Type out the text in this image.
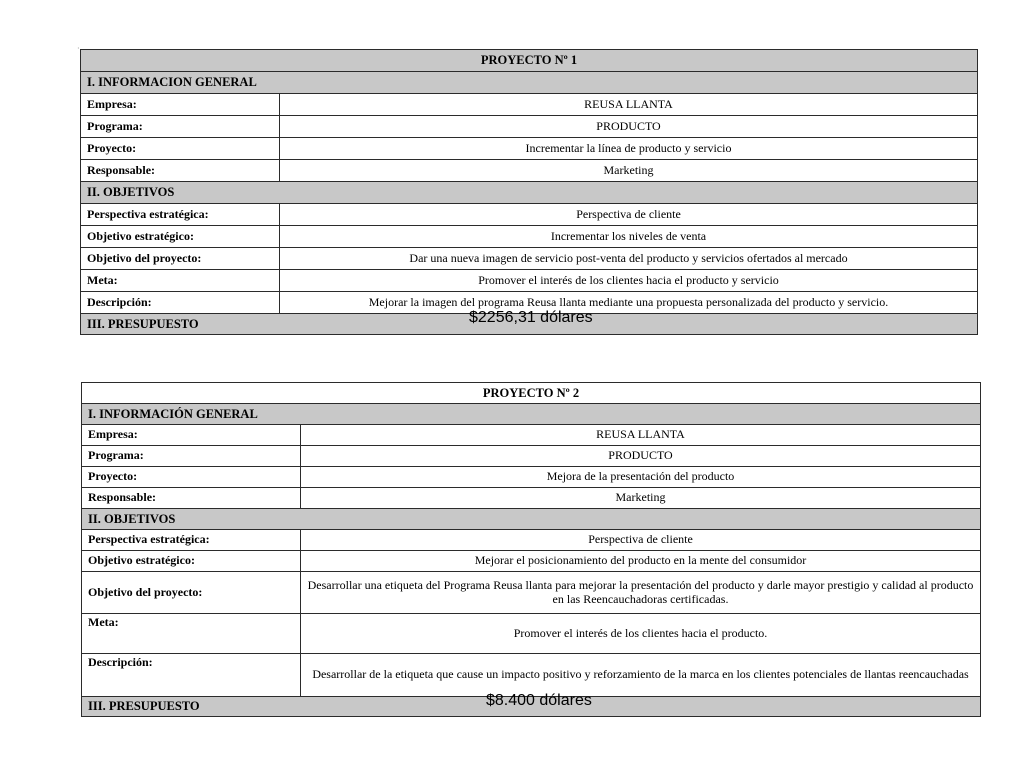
·
PROYECTO Nº 1	
I. INFORMACION GENERAL	
Empresa:	REUSA LLANTA
Programa:	PRODUCTO
Proyecto:	Incrementar la línea de producto y servicio
Responsable:	Marketing
II. OBJETIVOS	
Perspectiva estratégica:	Perspectiva de cliente
Objetivo estratégico:	Incrementar los niveles de venta
Objetivo del proyecto:	Dar una nueva imagen de servicio post-venta del producto y servicios ofertados al mercado
Meta:	Promover el interés de los clientes hacia el producto y servicio
Descripción:	Mejorar la imagen del programa Reusa llanta mediante una propuesta personalizada del producto y servicio.
III. PRESUPUESTO $2256,31 dólares	
PROYECTO Nº 2	
I. INFORMACIÓN GENERAL	
Empresa:	REUSA LLANTA
Programa:	PRODUCTO
Proyecto:	Mejora de la presentación del producto
Responsable:	Marketing
II. OBJETIVOS	
Perspectiva estratégica:	Perspectiva de cliente
Objetivo estratégico:	Mejorar el posicionamiento del producto en la mente del consumidor
Objetivo del proyecto:	Desarrollar una etiqueta del Programa Reusa llanta para mejorar la presentación del producto y darle mayor prestigio y calidad al producto en las Reencauchadoras certificadas.
Meta:	Promover el interés de los clientes hacia el producto.
Descripción:	Desarrollar de la etiqueta que cause un impacto positivo y reforzamiento de la marca en los clientes potenciales de llantas reencauchadas
III. PRESUPUESTO $8.400 dólares	
